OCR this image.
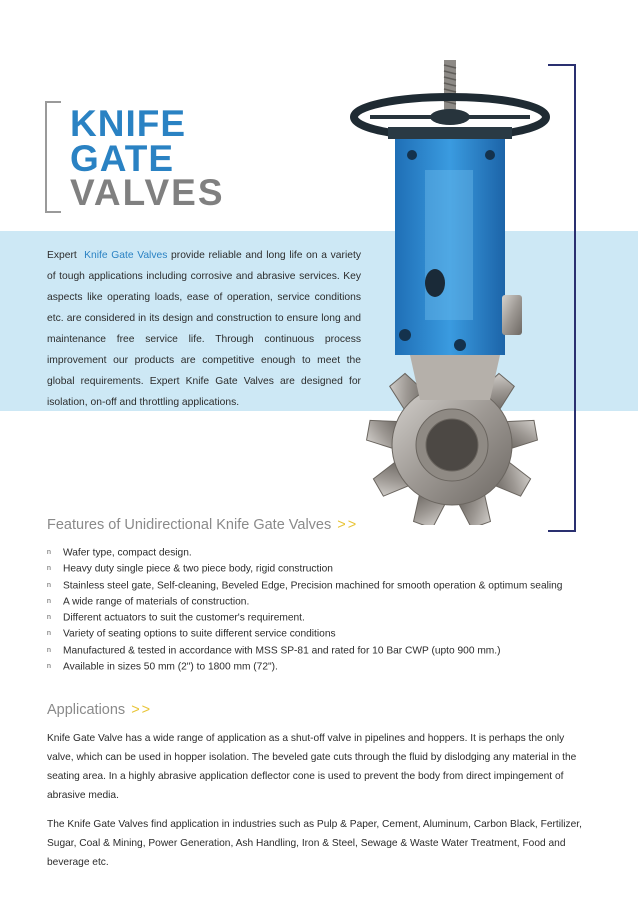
KNIFE
GATE
VALVES

Expert Knife Gate Valves provide reliable and long life on a variety of tough applications including corrosive and abrasive services. Key aspects like operating loads, ease of operation, service conditions etc. are considered in its design and construction to ensure long and maintenance free service life. Through continuous process improvement our products are competitive enough to meet the global requirements. Expert Knife Gate Valves are designed for isolation, on-off and throttling applications.

Features of Unidirectional Knife Gate Valves >>
n Wafer type, compact design.
n Heavy duty single piece & two piece body, rigid construction
n Stainless steel gate, Self-cleaning, Beveled Edge, Precision machined for smooth operation & optimum sealing
n A wide range of materials of construction.
n Different actuators to suit the customer's requirement.
n Variety of seating options to suite different service conditions
n Manufactured & tested in accordance with MSS SP-81 and rated for 10 Bar CWP (upto 900 mm.)
n Available in sizes 50 mm (2") to 1800 mm (72").
Applications >>

Knife Gate Valve has a wide range of application as a shut-off valve in pipelines and hoppers. It is perhaps the only valve, which can be used in hopper isolation. The beveled gate cuts through the fluid by dislodging any material in the seating area. In a highly abrasive application deflector cone is used to prevent the body from direct impingement of abrasive media.

The Knife Gate Valves find application in industries such as Pulp & Paper, Cement, Aluminum, Carbon Black, Fertilizer, Sugar, Coal & Mining, Power Generation, Ash Handling, Iron & Steel, Sewage & Waste Water Treatment, Food and beverage etc.
